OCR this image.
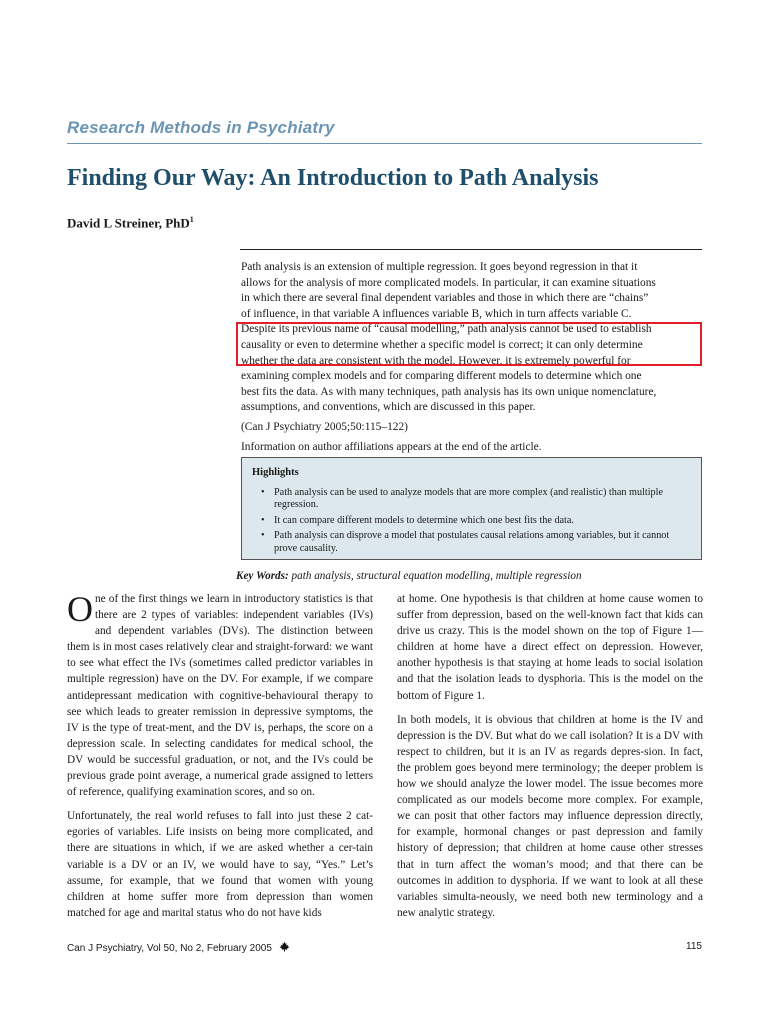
Research Methods in Psychiatry
Finding Our Way: An Introduction to Path Analysis
David L Streiner, PhD$^1$

Path analysis is an extension of multiple regression. It goes beyond regression in that it
allows for the analysis of more complicated models. In particular, it can examine situations
in which there are several final dependent variables and those in which there are “chains”
of influence, in that variable A influences variable B, which in turn affects variable C.
Despite its previous name of “causal modelling,” path analysis cannot be used to establish
causality or even to determine whether a specific model is correct; it can only determine
whether the data are consistent with the model. However, it is extremely powerful for
examining complex models and for comparing different models to determine which one
best fits the data. As with many techniques, path analysis has its own unique nomenclature,
assumptions, and conventions, which are discussed in this paper.

(Can J Psychiatry 2005;50:115–122)

Information on author affiliations appears at the end of the article.

Highlights
• Path analysis can be used to analyze models that are more complex (and realistic) than multiple regression.
• It can compare different models to determine which one best fits the data.
• Path analysis can disprove a model that postulates causal relations among variables, but it cannot prove causality.
Key Words: path analysis, structural equation modelling, multiple regression

One of the first things we learn in introductory statistics is that there are 2 types of variables: independent variables (IVs) and dependent variables (DVs). The distinction between them is in most cases relatively clear and straight-forward: we want to see what effect the IVs (sometimes called predictor variables in multiple regression) have on the DV. For example, if we compare antidepressant medication with cognitive-behavioural therapy to see which leads to greater remission in depressive symptoms, the IV is the type of treat-ment, and the DV is, perhaps, the score on a depression scale. In selecting candidates for medical school, the DV would be successful graduation, or not, and the IVs could be previous grade point average, a numerical grade assigned to letters of reference, qualifying examination scores, and so on.

Unfortunately, the real world refuses to fall into just these 2 cat-egories of variables. Life insists on being more complicated, and there are situations in which, if we are asked whether a cer-tain variable is a DV or an IV, we would have to say, “Yes.” Let’s assume, for example, that we found that women with young children at home suffer more from depression than women matched for age and marital status who do not have kids

at home. One hypothesis is that children at home cause women to suffer from depression, based on the well-known fact that kids can drive us crazy. This is the model shown on the top of Figure 1—children at home have a direct effect on depression. However, another hypothesis is that staying at home leads to social isolation and that the isolation leads to dysphoria. This is the model on the bottom of Figure 1.

In both models, it is obvious that children at home is the IV and depression is the DV. But what do we call isolation? It is a DV with respect to children, but it is an IV as regards depres-sion. In fact, the problem goes beyond mere terminology; the deeper problem is how we should analyze the lower model. The issue becomes more complicated as our models become more complex. For example, we can posit that other factors may influence depression directly, for example, hormonal changes or past depression and family history of depression; that children at home cause other stresses that in turn affect the woman’s mood; and that there can be outcomes in addition to dysphoria. If we want to look at all these variables simulta-neously, we need both new terminology and a new analytic strategy.

Can J Psychiatry, Vol 50, No 2, February 2005	115
